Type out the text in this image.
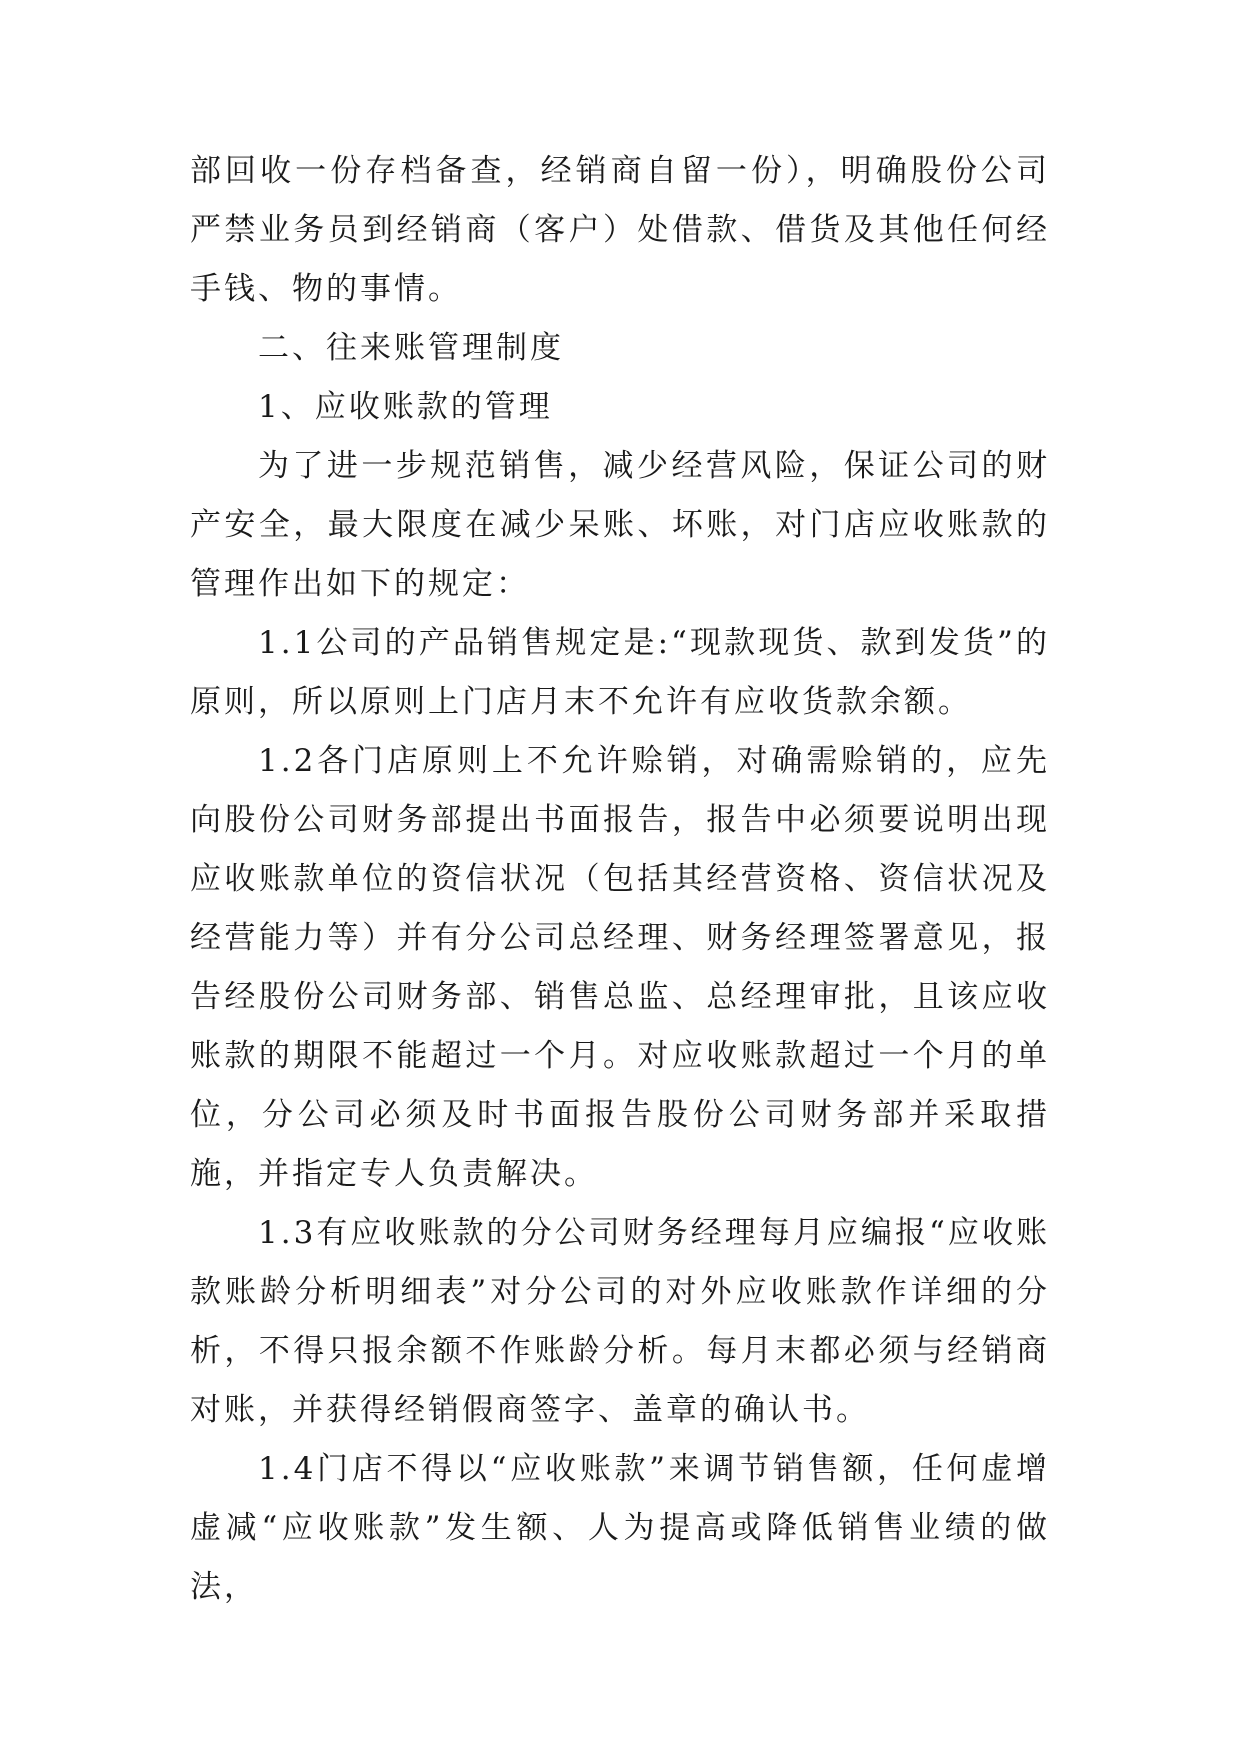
部回收一份存档备查，经销商自留一份），明确股份公司严禁业务员到经销商（客户）处借款、借货及其他任何经手钱、物的事情。

二、往来账管理制度

1、应收账款的管理

为了进一步规范销售，减少经营风险，保证公司的财产安全，最大限度在减少呆账、坏账，对门店应收账款的管理作出如下的规定：

1.1公司的产品销售规定是:“现款现货、款到发货”的原则，所以原则上门店月末不允许有应收货款余额。

1.2各门店原则上不允许赊销，对确需赊销的，应先向股份公司财务部提出书面报告，报告中必须要说明出现应收账款单位的资信状况（包括其经营资格、资信状况及经营能力等）并有分公司总经理、财务经理签署意见，报告经股份公司财务部、销售总监、总经理审批，且该应收账款的期限不能超过一个月。对应收账款超过一个月的单位，分公司必须及时书面报告股份公司财务部并采取措施，并指定专人负责解决。

1.3有应收账款的分公司财务经理每月应编报“应收账款账龄分析明细表”对分公司的对外应收账款作详细的分析，不得只报余额不作账龄分析。每月末都必须与经销商对账，并获得经销假商签字、盖章的确认书。

1.4门店不得以“应收账款”来调节销售额，任何虚增虚减“应收账款”发生额、人为提高或降低销售业绩的做法，
